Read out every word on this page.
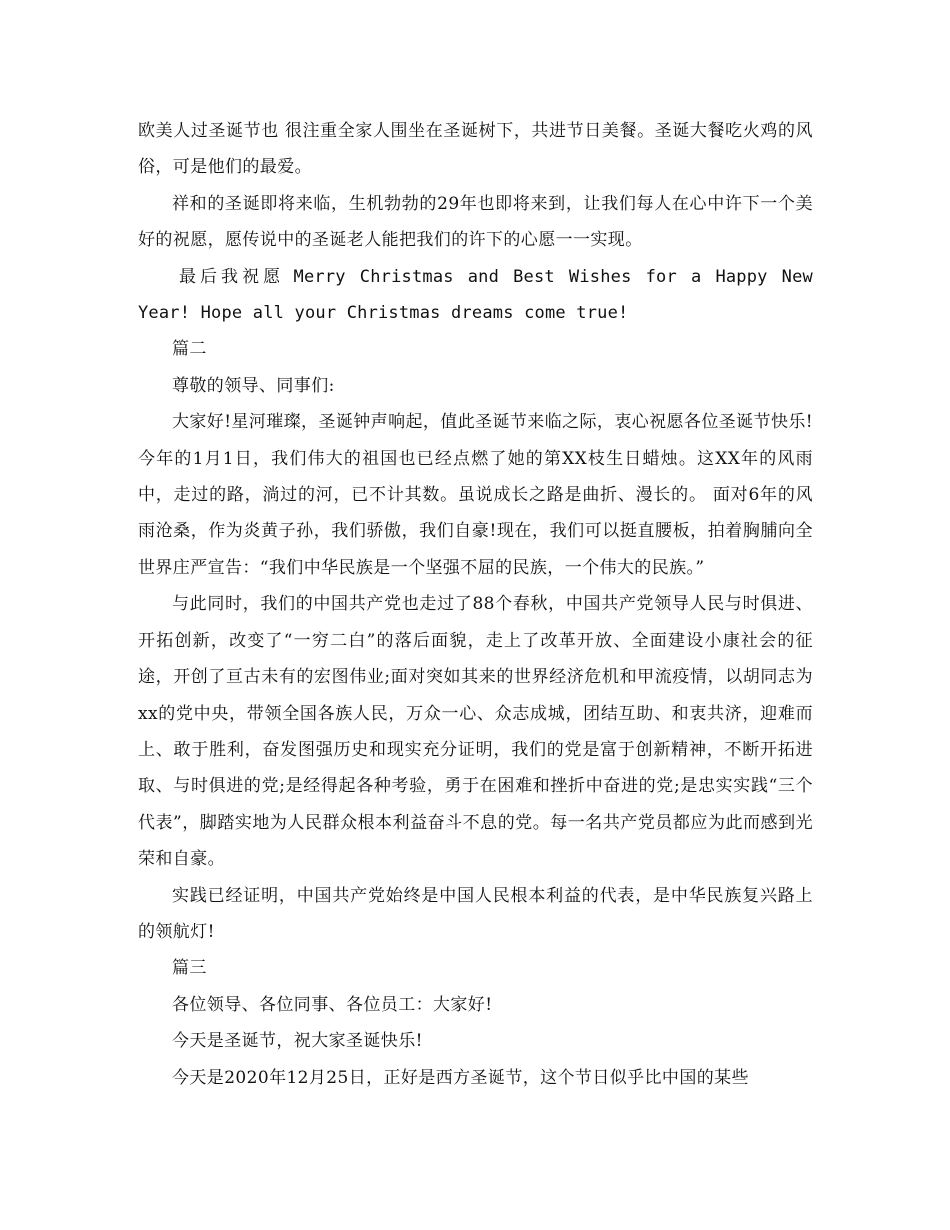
欧美人过圣诞节也 很注重全家人围坐在圣诞树下，共进节日美餐。圣诞大餐吃火鸡的风俗，可是他们的最爱。

祥和的圣诞即将来临，生机勃勃的29年也即将来到，让我们每人在心中许下一个美好的祝愿，愿传说中的圣诞老人能把我们的许下的心愿一一实现。

最后我祝愿 Merry Christmas and Best Wishes for a Happy New Year! Hope all your Christmas dreams come true!

篇二

尊敬的领导、同事们:

大家好!星河璀璨，圣诞钟声响起，值此圣诞节来临之际，衷心祝愿各位圣诞节快乐!今年的1月1日，我们伟大的祖国也已经点燃了她的第XX枝生日蜡烛。这XX年的风雨中，走过的路，淌过的河，已不计其数。虽说成长之路是曲折、漫长的。 面对6年的风雨沧桑，作为炎黄子孙，我们骄傲，我们自豪!现在，我们可以挺直腰板，拍着胸脯向全世界庄严宣告：“我们中华民族是一个坚强不屈的民族，一个伟大的民族。”

与此同时，我们的中国共产党也走过了88个春秋，中国共产党领导人民与时俱进、开拓创新，改变了“一穷二白”的落后面貌，走上了改革开放、全面建设小康社会的征途，开创了亘古未有的宏图伟业;面对突如其来的世界经济危机和甲流疫情，以胡同志为xx的党中央，带领全国各族人民，万众一心、众志成城，团结互助、和衷共济，迎难而上、敢于胜利，奋发图强历史和现实充分证明，我们的党是富于创新精神，不断开拓进取、与时俱进的党;是经得起各种考验，勇于在困难和挫折中奋进的党;是忠实实践“三个代表”，脚踏实地为人民群众根本利益奋斗不息的党。每一名共产党员都应为此而感到光荣和自豪。

实践已经证明，中国共产党始终是中国人民根本利益的代表，是中华民族复兴路上的领航灯!

篇三

各位领导、各位同事、各位员工：大家好!

今天是圣诞节，祝大家圣诞快乐!

今天是2020年12月25日，正好是西方圣诞节，这个节日似乎比中国的某些
